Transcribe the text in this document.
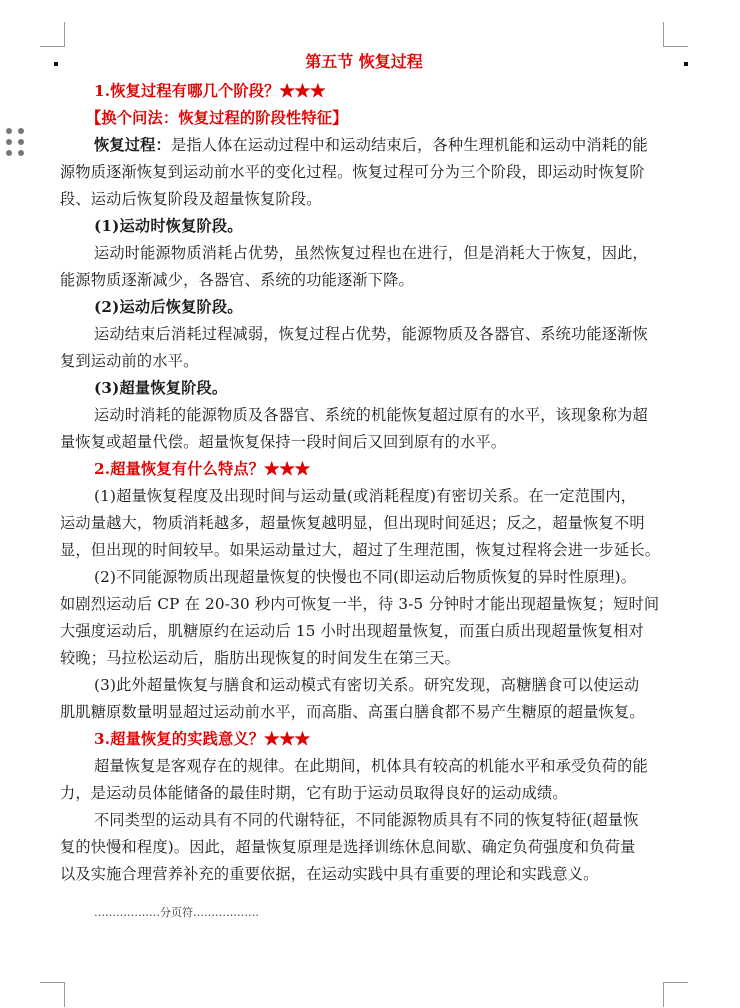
第五节 恢复过程
1.恢复过程有哪几个阶段？★★★
【换个问法：恢复过程的阶段性特征】
恢复过程：是指人体在运动过程中和运动结束后，各种生理机能和运动中消耗的能
源物质逐渐恢复到运动前水平的变化过程。恢复过程可分为三个阶段，即运动时恢复阶
段、运动后恢复阶段及超量恢复阶段。
(1)运动时恢复阶段。
运动时能源物质消耗占优势，虽然恢复过程也在进行，但是消耗大于恢复，因此，
能源物质逐渐减少，各器官、系统的功能逐渐下降。
(2)运动后恢复阶段。
运动结束后消耗过程减弱，恢复过程占优势，能源物质及各器官、系统功能逐渐恢
复到运动前的水平。
(3)超量恢复阶段。
运动时消耗的能源物质及各器官、系统的机能恢复超过原有的水平，该现象称为超
量恢复或超量代偿。超量恢复保持一段时间后又回到原有的水平。
2.超量恢复有什么特点？★★★
(1)超量恢复程度及出现时间与运动量(或消耗程度)有密切关系。在一定范围内，
运动量越大，物质消耗越多，超量恢复越明显，但出现时间延迟；反之，超量恢复不明
显，但出现的时间较早。如果运动量过大，超过了生理范围，恢复过程将会进一步延长。
(2)不同能源物质出现超量恢复的快慢也不同(即运动后物质恢复的异时性原理)。
如剧烈运动后 CP 在 20-30 秒内可恢复一半，待 3-5 分钟时才能出现超量恢复；短时间
大强度运动后，肌糖原约在运动后 15 小时出现超量恢复，而蛋白质出现超量恢复相对
较晚；马拉松运动后，脂肪出现恢复的时间发生在第三天。
(3)此外超量恢复与膳食和运动模式有密切关系。研究发现，高糖膳食可以使运动
肌肌糖原数量明显超过运动前水平，而高脂、高蛋白膳食都不易产生糖原的超量恢复。
3.超量恢复的实践意义？★★★
超量恢复是客观存在的规律。在此期间，机体具有较高的机能水平和承受负荷的能
力，是运动员体能储备的最佳时期，它有助于运动员取得良好的运动成绩。
不同类型的运动具有不同的代谢特征，不同能源物质具有不同的恢复特征(超量恢
复的快慢和程度)。因此，超量恢复原理是选择训练休息间歇、确定负荷强度和负荷量
以及实施合理营养补充的重要依据，在运动实践中具有重要的理论和实践意义。
………………分页符………………
